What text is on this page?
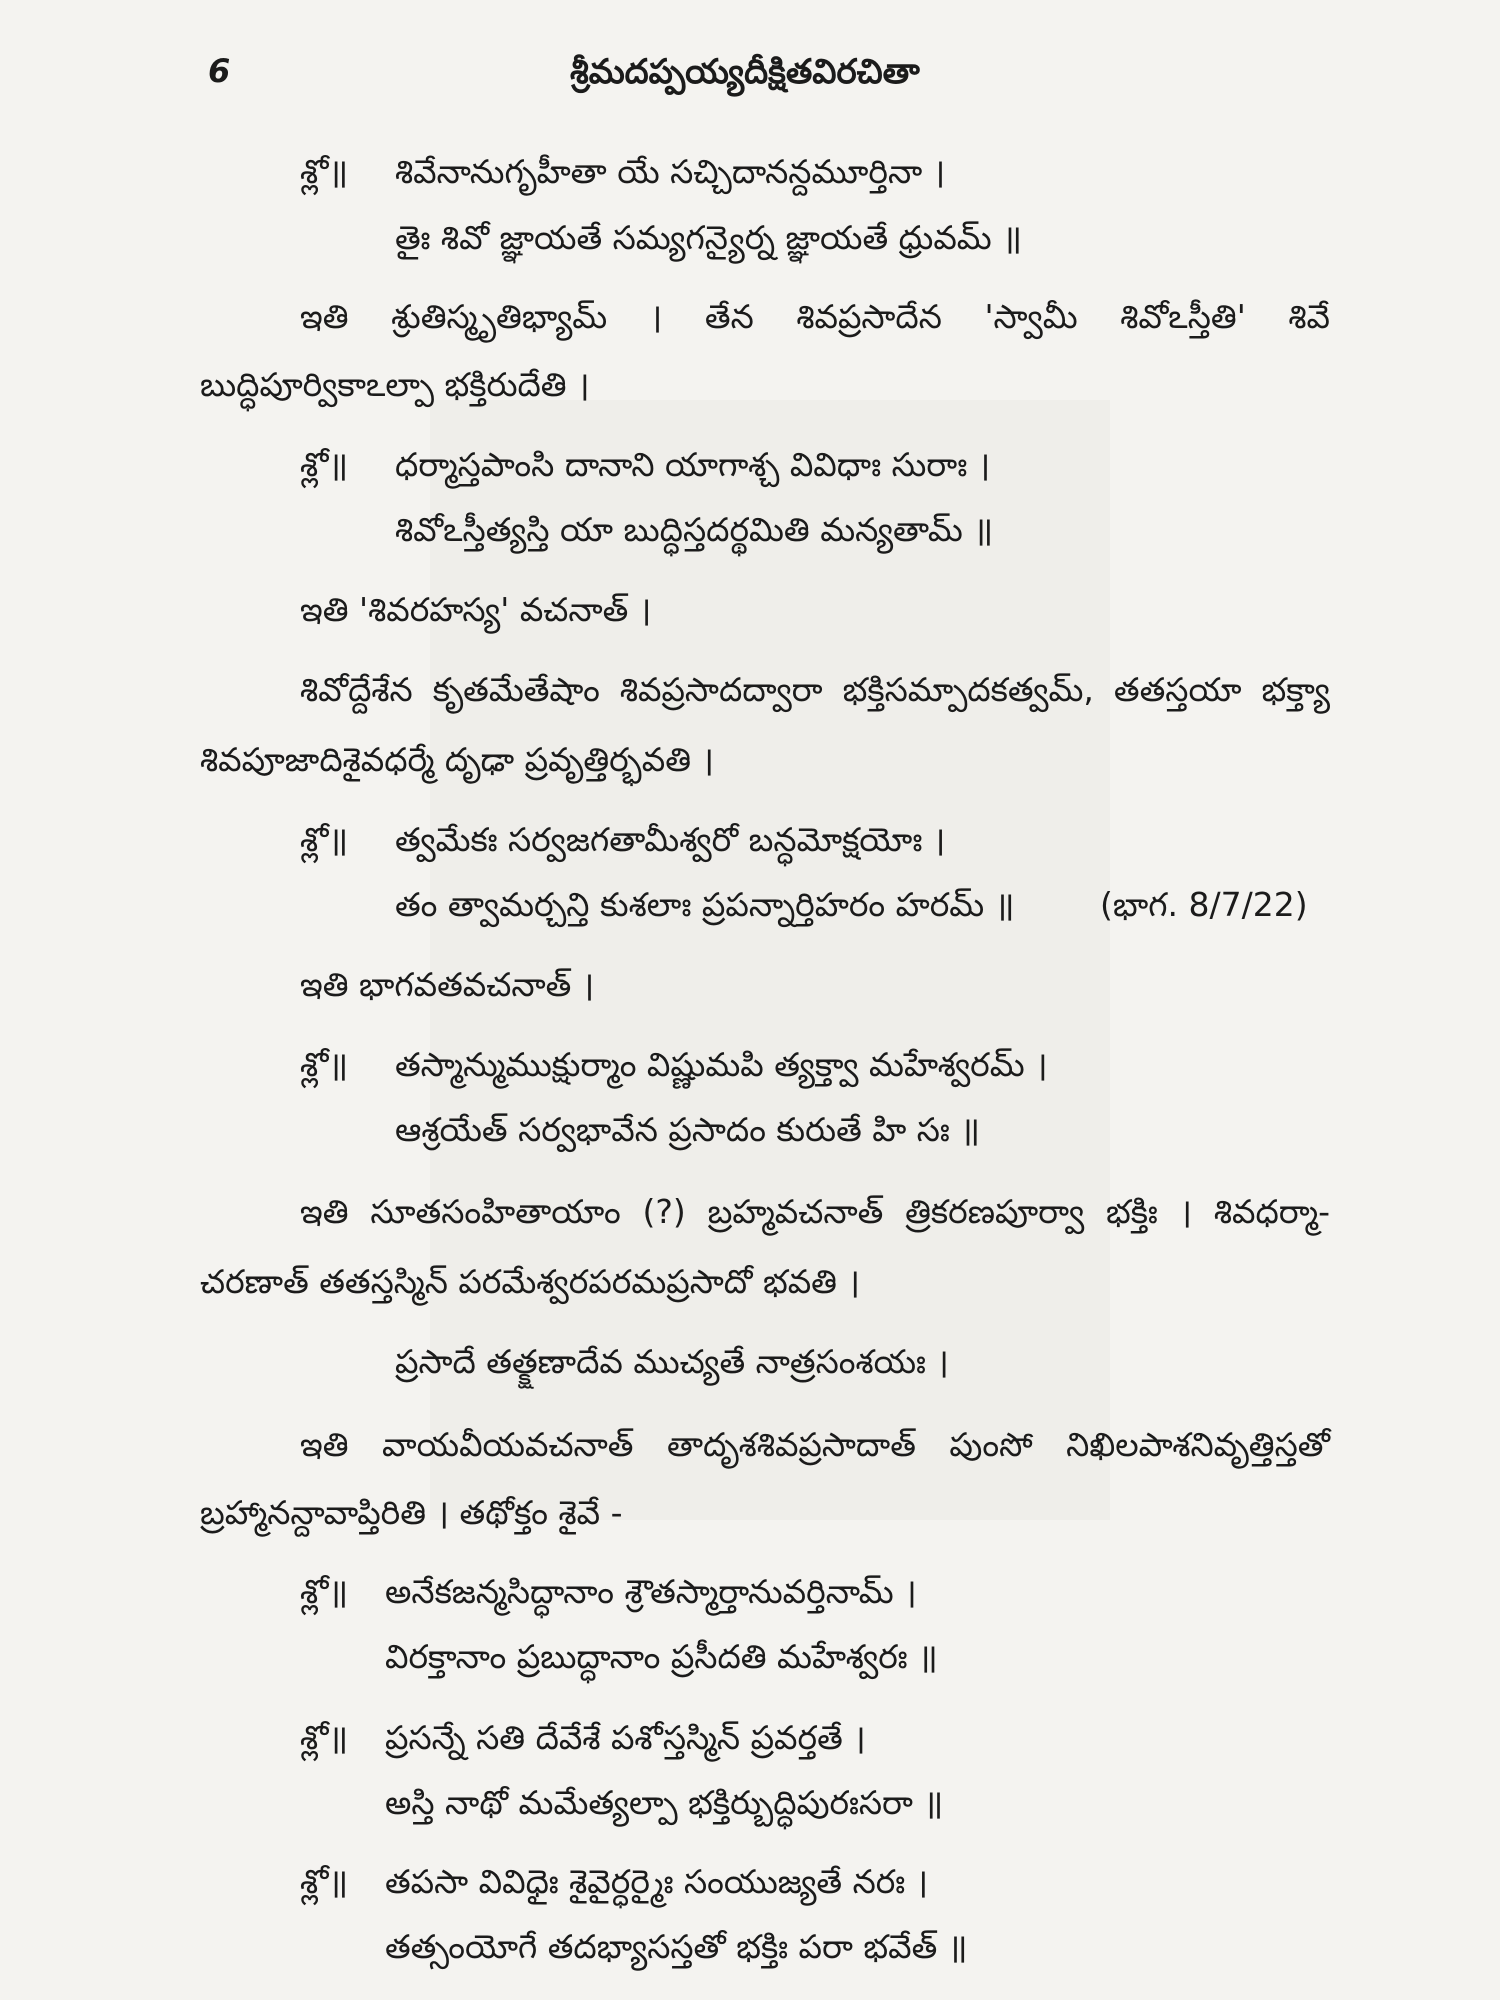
6	శ్రీమదప్పయ్యదీక్షితవిరచితా
శ్లో॥ శివేనానుగృహీతా యే సచ్చిదానన్దమూర్తినా ।
తైః శివో జ్ఞాయతే సమ్యగన్యైర్న జ్ఞాయతే ధ్రువమ్ ॥
ఇతి శ్రుతిస్మృతిభ్యామ్ । తేన శివప్రసాదేన 'స్వామీ శివోఽస్తీతి' శివే
బుద్ధిపూర్వికాఽల్పా భక్తిరుదేతి ।
శ్లో॥ ధర్మాస్తపాంసి దానాని యాగాశ్చ వివిధాః సురాః ।
శివోఽస్తీత్యస్తి యా బుద్ధిస్తదర్థమితి మన్యతామ్ ॥
ఇతి 'శివరహస్య' వచనాత్ ।
శివోద్దేశేన కృతమేతేషాం శివప్రసాదద్వారా భక్తిసమ్పాదకత్వమ్, తతస్తయా భక్త్యా
శివపూజాదిశైవధర్మే దృఢా ప్రవృత్తిర్భవతి ।
శ్లో॥ త్వమేకః సర్వజగతామీశ్వరో బన్ధమోక్షయోః ।
తం త్వామర్చన్తి కుశలాః ప్రపన్నార్తిహరం హరమ్ ॥	(భాగ. 8/7/22)
ఇతి భాగవతవచనాత్ ।
శ్లో॥ తస్మాన్ముముక్షుర్మాం విష్ణుమపి త్యక్త్వా మహేశ్వరమ్ ।
ఆశ్రయేత్ సర్వభావేన ప్రసాదం కురుతే హి సః ॥
ఇతి సూతసంహితాయాం (?) బ్రహ్మవచనాత్ త్రికరణపూర్వా భక్తిః । శివధర్మా-
చరణాత్ తతస్తస్మిన్ పరమేశ్వరపరమప్రసాదో భవతి ।
ప్రసాదే తత్క్షణాదేవ ముచ్యతే నాత్రసంశయః ।
ఇతి వాయవీయవచనాత్ తాదృశశివప్రసాదాత్ పుంసో నిఖిలపాశనివృత్తిస్తతో
బ్రహ్మానన్దావాప్తిరితి । తథోక్తం శైవే -
శ్లో॥ అనేకజన్మసిద్ధానాం శ్రౌతస్మార్తానువర్తినామ్ ।
విరక్తానాం ప్రబుద్ధానాం ప్రసీదతి మహేశ్వరః ॥
శ్లో॥ ప్రసన్నే సతి దేవేశే పశోస్తస్మిన్ ప్రవర్తతే ।
అస్తి నాథో మమేత్యల్పా భక్తిర్బుద్ధిపురఃసరా ॥
శ్లో॥ తపసా వివిధైః శైవైర్ధర్మైః సంయుజ్యతే నరః ।
తత్సంయోగే తదభ్యాసస్తతో భక్తిః పరా భవేత్ ॥
